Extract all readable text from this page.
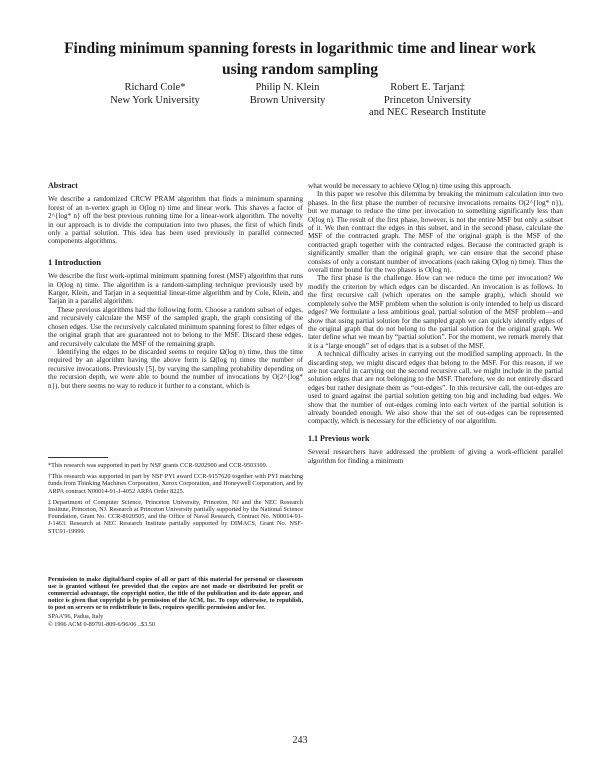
Finding minimum spanning forests in logarithmic time and linear work
using random sampling
Richard Cole*
New York University
Philip N. Klein
Brown University
Robert E. Tarjan‡
Princeton University
and NEC Research Institute

Abstract

We describe a randomized CRCW PRAM algorithm that finds a minimum spanning forest of an n-vertex graph in O(log n) time and linear work. This shaves a factor of 2^{log* n} off the best previous running time for a linear-work algorithm. The novelty in our approach is to divide the computation into two phases, the first of which finds only a partial solution. This idea has been used previously in parallel connected components algorithms.

1 Introduction

We describe the first work-optimal minimum spanning forest (MSF) algorithm that runs in O(log n) time. The algorithm is a random-sampling technique previously used by Karger, Klein, and Tarjan in a sequential linear-time algorithm and by Cole, Klein, and Tarjan in a parallel algorithm.

These previous algorithms had the following form. Choose a random subset of edges, and recursively calculate the MSF of the sampled graph, the graph consisting of the chosen edges. Use the recursively calculated minimum spanning forest to filter edges of the original graph that are guaranteed not to belong to the MSF. Discard these edges, and recursively calculate the MSF of the remaining graph.

Identifying the edges to be discarded seems to require Ω(log n) time, thus the time required by an algorithm having the above form is Ω(log n) times the number of recursive invocations. Previously [5], by varying the sampling probability depending on the recursion depth, we were able to bound the number of invocations by O(2^{log* n}), but there seems no way to reduce it further to a constant, which is

*This research was supported in part by NSF grants CCR-9202900 and CCR-9503309.

†This research was supported in part by NSF PYI award CCR-9157620 together with PYI matching funds from Thinking Machines Corporation, Xerox Corporation, and Honeywell Corporation, and by ARPA contract N00014-91-J-4052 ARPA Order 8225.

‡Department of Computer Science, Princeton University, Princeton, NJ and the NEC Research Institute, Princeton, NJ. Research at Princeton University partially supported by the National Science Foundation, Grant No. CCR-8920505, and the Office of Naval Research, Contract No. N00014-91-J-1463. Research at NEC Research Institute partially supported by DIMACS, Grant No. NSF-STC91-19999.

Permission to make digital/hard copies of all or part of this material for personal or classroom use is granted without fee provided that the copies are not made or distributed for profit or commercial advantage, the copyright notice, the title of the publication and its date appear, and notice is given that copyright is by permission of the ACM, Inc. To copy otherwise, to republish, to post on servers or to redistribute to lists, requires specific permission and/or fee.

SPAA'96, Padua, Italy

© 1996 ACM 0-89791-809-6/96/06 ..$3.50

what would be necessary to achieve O(log n) time using this approach.

In this paper we resolve this dilemma by breaking the minimum calculation into two phases. In the first phase the number of recursive invocations remains O(2^{log* n}), but we manage to reduce the time per invocation to something significantly less than O(log n). The result of the first phase, however, is not the entire MSF but only a subset of it. We then contract the edges in this subset, and in the second phase, calculate the MSF of the contracted graph. The MSF of the original graph is the MSF of the contracted graph together with the contracted edges. Because the contracted graph is significantly smaller than the original graph, we can ensure that the second phase consists of only a constant number of invocations (each taking O(log n) time). Thus the overall time bound for the two phases is O(log n).

The first phase is the challenge. How can we reduce the time per invocation? We modify the criterion by which edges can be discarded. An invocation is as follows. In the first recursive call (which operates on the sample graph), which should we completely solve the MSF problem when the solution is only intended to help us discard edges? We formulate a less ambitious goal, partial solution of the MSF problem—and show that using partial solution for the sampled graph we can quickly identify edges of the original graph that do not belong to the partial solution for the original graph. We later define what we mean by “partial solution”. For the moment, we remark merely that it is a “large enough” set of edges that is a subset of the MSF.

A technical difficulty arises in carrying out the modified sampling approach. In the discarding step, we might discard edges that belong to the MSF. For this reason, if we are not careful in carrying out the second recursive call, we might include in the partial solution edges that are not belonging to the MSF. Therefore, we do not entirely discard edges but rather designate them as “out-edges”. In this recursive call, the out-edges are used to guard against the partial solution getting too big and including bad edges. We show that the number of out-edges coming into each vertex of the partial solution is already bounded enough. We also show that the set of out-edges can be represented compactly, which is necessary for the efficiency of our algorithm.

1.1 Previous work

Several researchers have addressed the problem of giving a work-efficient parallel algorithm for finding a minimum

243
